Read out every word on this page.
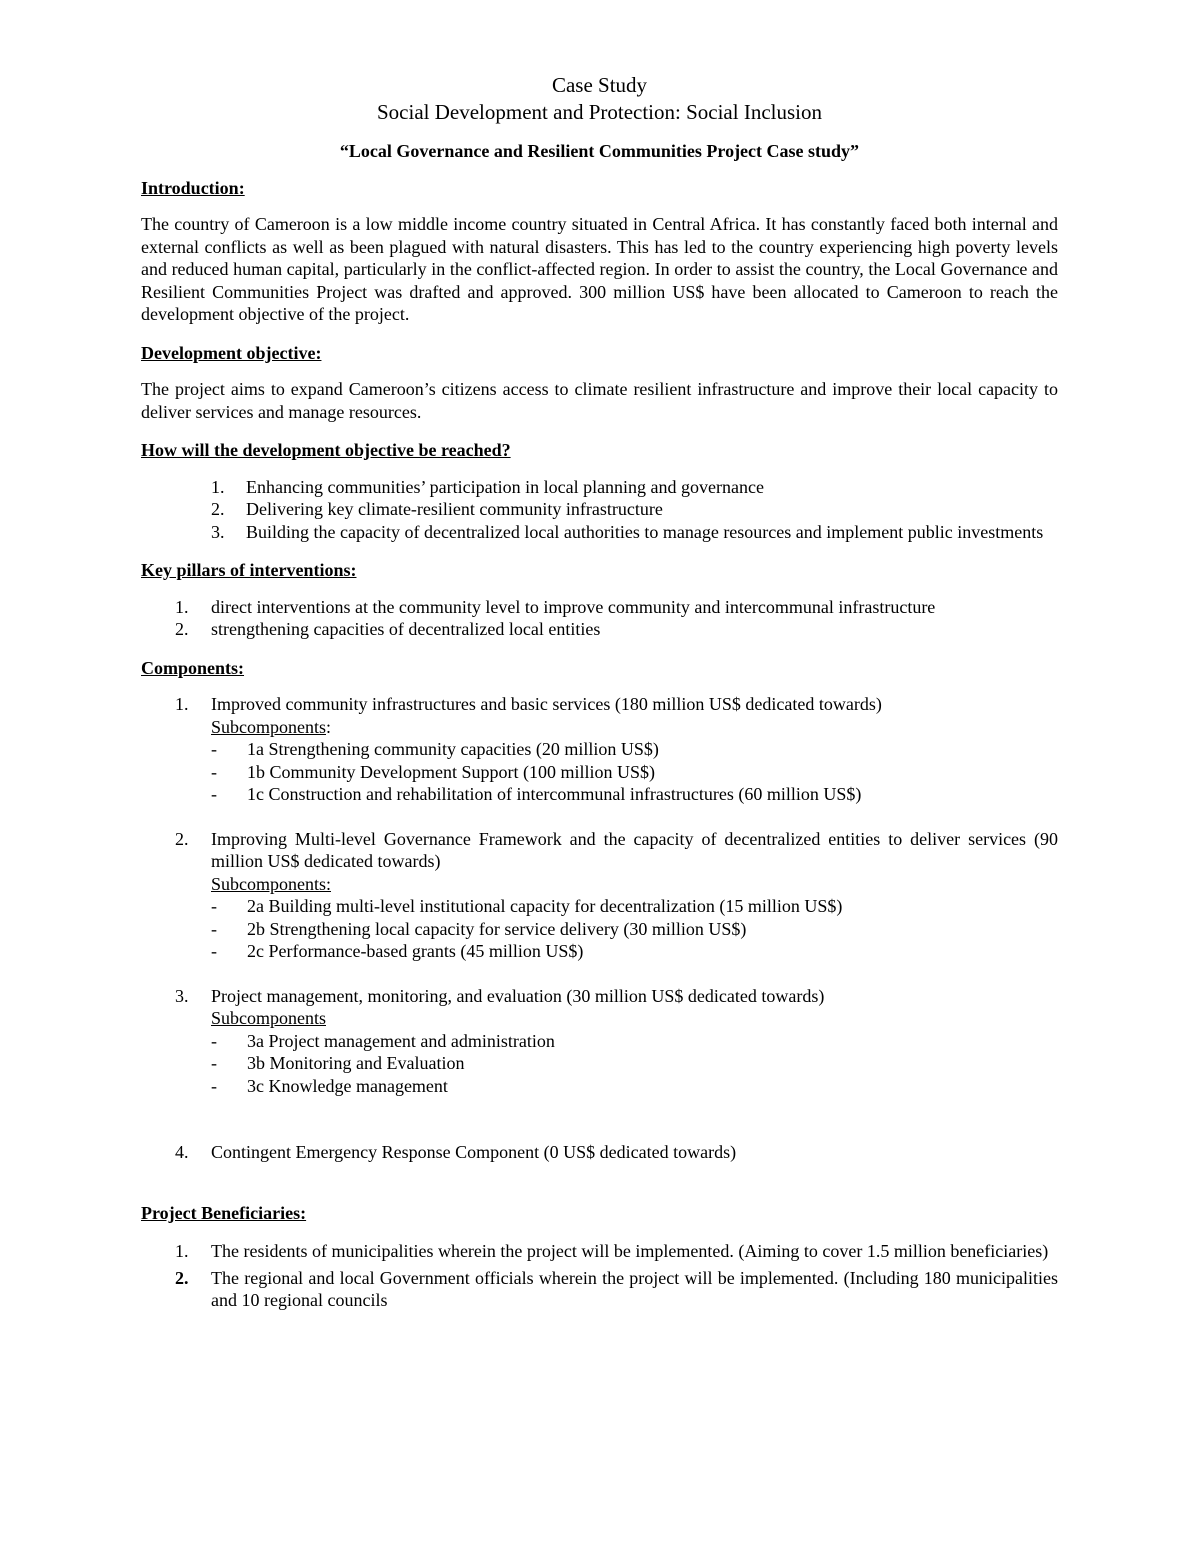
Case Study
Social Development and Protection: Social Inclusion
“Local Governance and Resilient Communities Project Case study”
Introduction:
The country of Cameroon is a low middle income country situated in Central Africa. It has constantly faced both internal and external conflicts as well as been plagued with natural disasters. This has led to the country experiencing high poverty levels and reduced human capital, particularly in the conflict-affected region. In order to assist the country, the Local Governance and Resilient Communities Project was drafted and approved. 300 million US$ have been allocated to Cameroon to reach the development objective of the project.
Development objective:
The project aims to expand Cameroon’s citizens access to climate resilient infrastructure and improve their local capacity to deliver services and manage resources.
How will the development objective be reached?
1. Enhancing communities’ participation in local planning and governance
2. Delivering key climate-resilient community infrastructure
3. Building the capacity of decentralized local authorities to manage resources and implement public investments
Key pillars of interventions:
1. direct interventions at the community level to improve community and intercommunal infrastructure
2. strengthening capacities of decentralized local entities
Components:
1. Improved community infrastructures and basic services (180 million US$ dedicated towards)
Subcomponents:
- 1a Strengthening community capacities (20 million US$)
- 1b Community Development Support (100 million US$)
- 1c Construction and rehabilitation of intercommunal infrastructures (60 million US$)
2. Improving Multi-level Governance Framework and the capacity of decentralized entities to deliver services (90 million US$ dedicated towards)
Subcomponents:
- 2a Building multi-level institutional capacity for decentralization (15 million US$)
- 2b Strengthening local capacity for service delivery (30 million US$)
- 2c Performance-based grants (45 million US$)
3. Project management, monitoring, and evaluation (30 million US$ dedicated towards)
Subcomponents
- 3a Project management and administration
- 3b Monitoring and Evaluation
- 3c Knowledge management
4. Contingent Emergency Response Component (0 US$ dedicated towards)
Project Beneficiaries:
1. The residents of municipalities wherein the project will be implemented. (Aiming to cover 1.5 million beneficiaries)
2. The regional and local Government officials wherein the project will be implemented. (Including 180 municipalities and 10 regional councils
